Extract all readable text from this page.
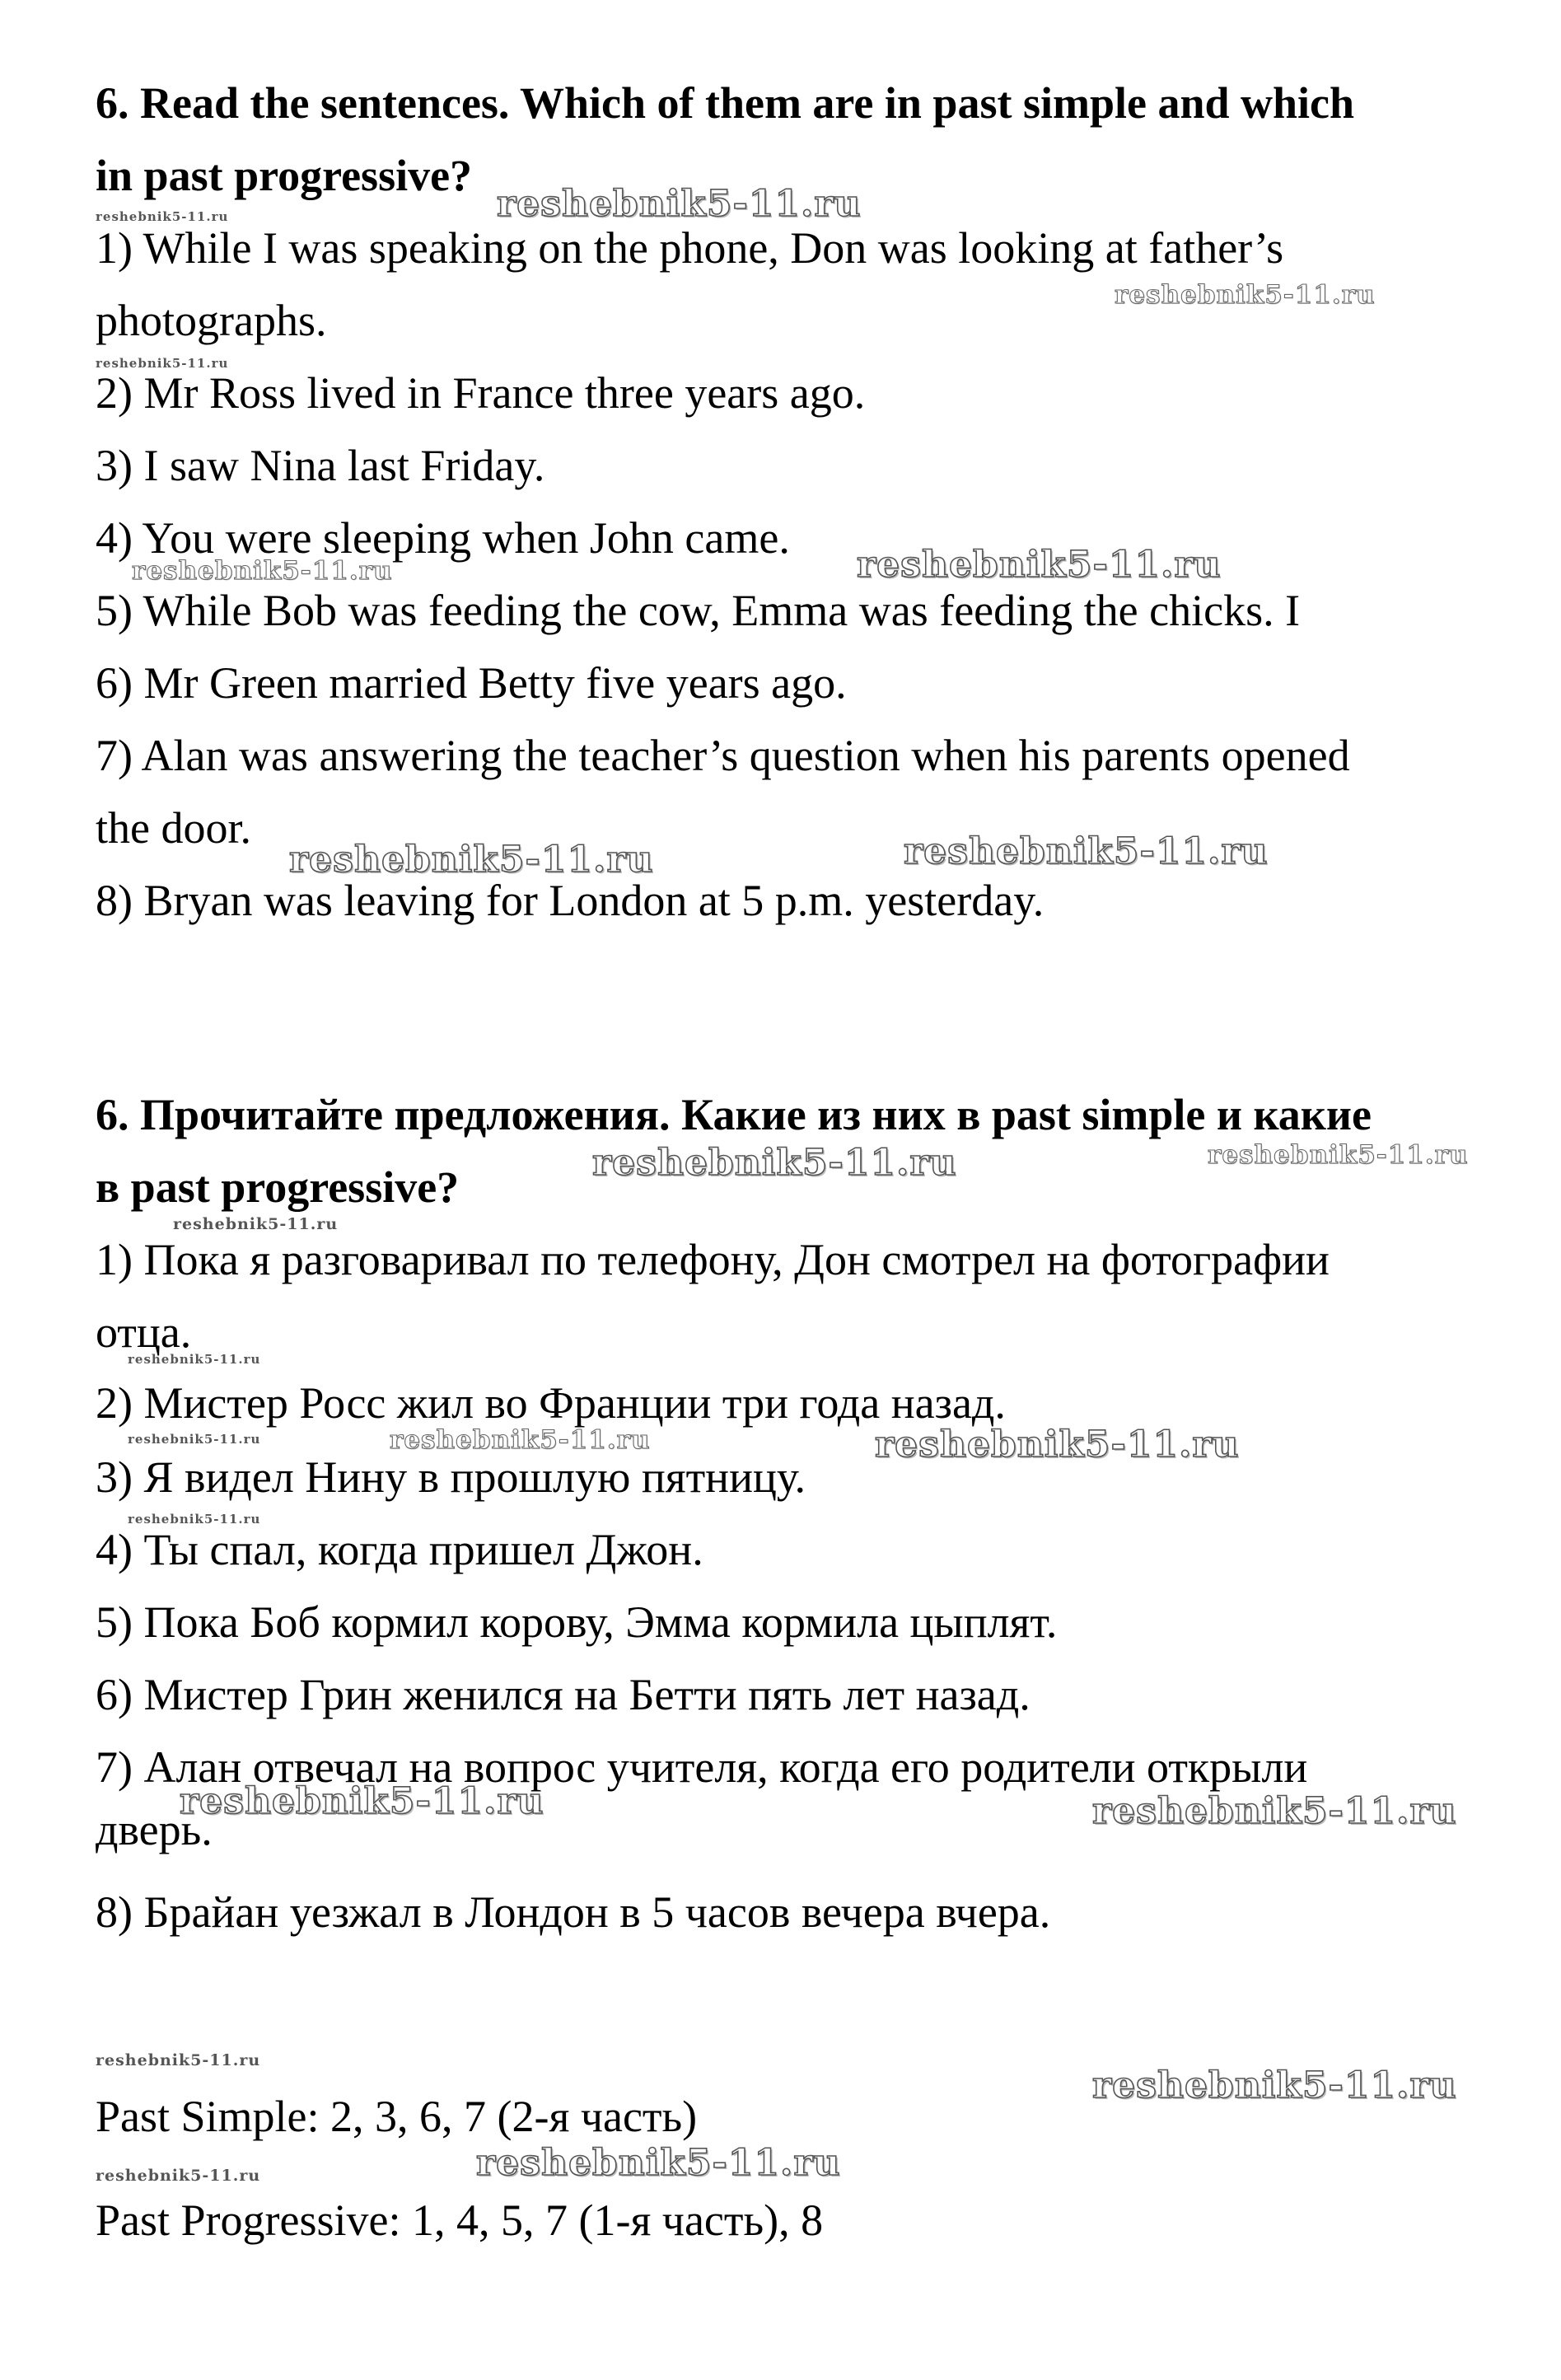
6. Read the sentences. Which of them are in past simple and which

in past progressive?

1) While I was speaking on the phone, Don was looking at father’s

photographs.

2) Mr Ross lived in France three years ago.

3) I saw Nina last Friday.

4) You were sleeping when John came.

5) While Bob was feeding the cow, Emma was feeding the chicks. I

6) Mr Green married Betty five years ago.

7) Alan was answering the teacher’s question when his parents opened

the door.

8) Bryan was leaving for London at 5 p.m. yesterday.

6. Прочитайте предложения. Какие из них в past simple и какие

в past progressive?

1) Пока я разговаривал по телефону, Дон смотрел на фотографии

отца.

2) Мистер Росс жил во Франции три года назад.

3) Я видел Нину в прошлую пятницу.

4) Ты спал, когда пришел Джон.

5) Пока Боб кормил корову, Эмма кормила цыплят.

6) Мистер Грин женился на Бетти пять лет назад.

7) Алан отвечал на вопрос учителя, когда его родители открыли

дверь.

8) Брайан уезжал в Лондон в 5 часов вечера вчера.

Past Simple: 2, 3, 6, 7 (2-я часть)

Past Progressive: 1, 4, 5, 7 (1-я часть), 8

reshebnik5-11.ru
reshebnik5-11.ru
reshebnik5-11.ru
reshebnik5-11.ru
reshebnik5-11.ru	reshebnik5-11.ru
reshebnik5-11.ru	reshebnik5-11.ru
reshebnik5-11.ru	reshebnik5-11.ru
reshebnik5-11.ru
reshebnik5-11.ru
reshebnik5-11.ru	reshebnik5-11.ru	reshebnik5-11.ru
reshebnik5-11.ru
reshebnik5-11.ru	reshebnik5-11.ru
reshebnik5-11.ru
reshebnik5-11.ru
reshebnik5-11.ru	reshebnik5-11.ru
